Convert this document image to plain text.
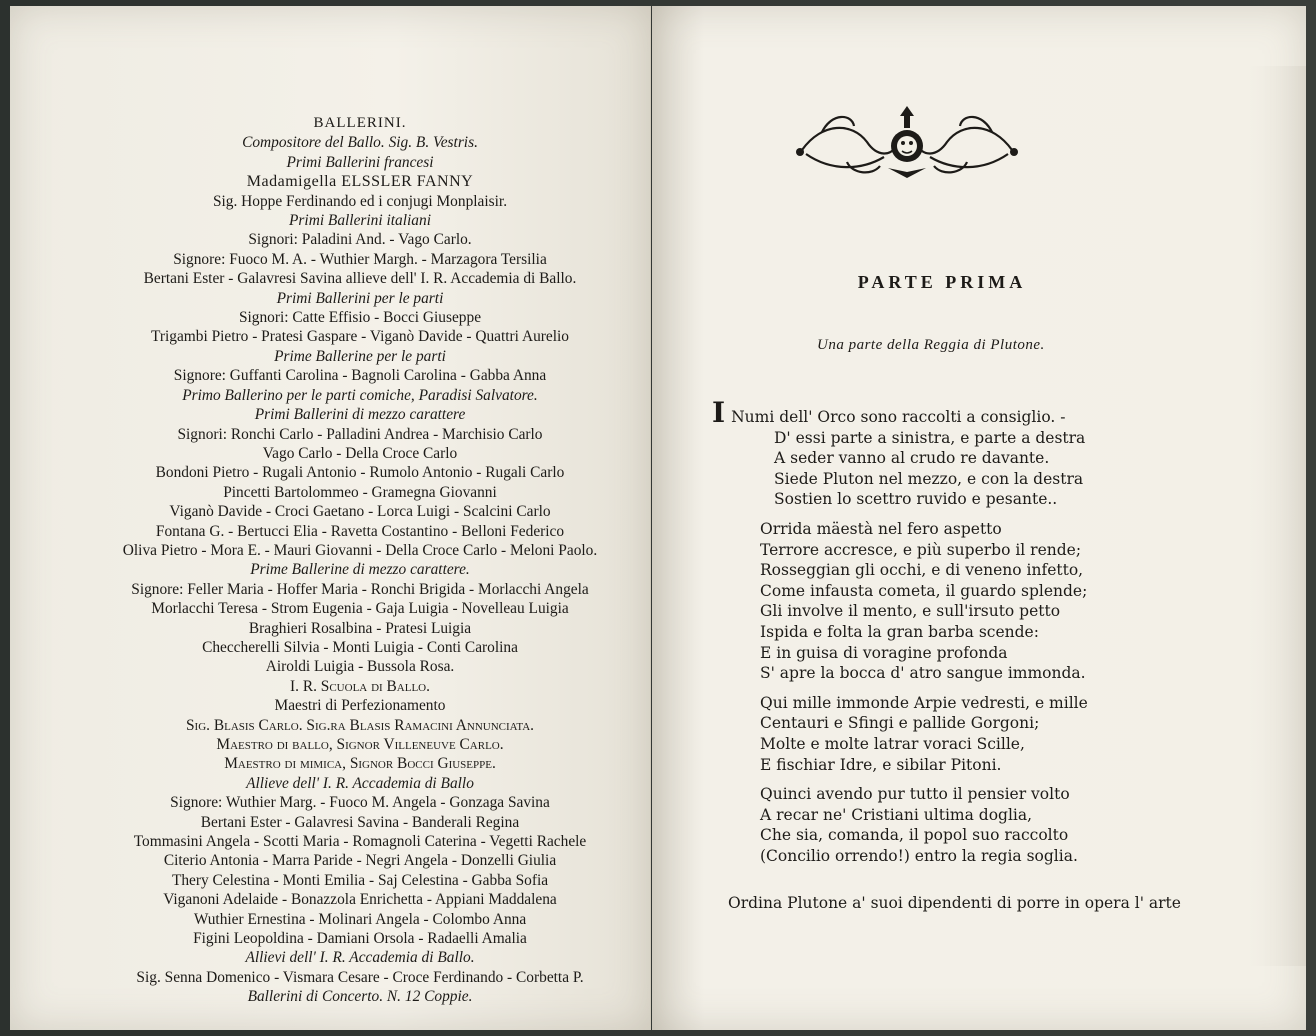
BALLERINI.
Compositore del Ballo. Sig. B. Vestris.
Primi Ballerini francesi
Madamigella ELSSLER FANNY
Sig. Hoppe Ferdinando ed i conjugi Monplaisir.
Primi Ballerini italiani
Signori: Paladini And. - Vago Carlo.
Signore: Fuoco M. A. - Wuthier Margh. - Marzagora Tersilia
Bertani Ester - Galavresi Savina allieve dell' I. R. Accademia di Ballo.
Primi Ballerini per le parti
Signori: Catte Effisio - Bocci Giuseppe
Trigambi Pietro - Pratesi Gaspare - Viganò Davide - Quattri Aurelio
Prime Ballerine per le parti
Signore: Guffanti Carolina - Bagnoli Carolina - Gabba Anna
Primo Ballerino per le parti comiche, Paradisi Salvatore.
Primi Ballerini di mezzo carattere
Signori: Ronchi Carlo - Palladini Andrea - Marchisio Carlo
Vago Carlo - Della Croce Carlo
Bondoni Pietro - Rugali Antonio - Rumolo Antonio - Rugali Carlo
Pincetti Bartolommeo - Gramegna Giovanni
Viganò Davide - Croci Gaetano - Lorca Luigi - Scalcini Carlo
Fontana G. - Bertucci Elia - Ravetta Costantino - Belloni Federico
Oliva Pietro - Mora E. - Mauri Giovanni - Della Croce Carlo - Meloni Paolo.
Prime Ballerine di mezzo carattere.
Signore: Feller Maria - Hoffer Maria - Ronchi Brigida - Morlacchi Angela
Morlacchi Teresa - Strom Eugenia - Gaja Luigia - Novelleau Luigia
Braghieri Rosalbina - Pratesi Luigia
Checcherelli Silvia - Monti Luigia - Conti Carolina
Airoldi Luigia - Bussola Rosa.
I. R. Scuola di Ballo.
Maestri di Perfezionamento
Sig. Blasis Carlo. Sig.ra Blasis Ramacini Annunciata.
Maestro di ballo, Signor Villeneuve Carlo.
Maestro di mimica, Signor Bocci Giuseppe.
Allieve dell' I. R. Accademia di Ballo
Signore: Wuthier Marg. - Fuoco M. Angela - Gonzaga Savina
Bertani Ester - Galavresi Savina - Banderali Regina
Tommasini Angela - Scotti Maria - Romagnoli Caterina - Vegetti Rachele
Citerio Antonia - Marra Paride - Negri Angela - Donzelli Giulia
Thery Celestina - Monti Emilia - Saj Celestina - Gabba Sofia
Viganoni Adelaide - Bonazzola Enrichetta - Appiani Maddalena
Wuthier Ernestina - Molinari Angela - Colombo Anna
Figini Leopoldina - Damiani Orsola - Radaelli Amalia
Allievi dell' I. R. Accademia di Ballo.
Sig. Senna Domenico - Vismara Cesare - Croce Ferdinando - Corbetta P.
Ballerini di Concerto. N. 12 Coppie.
PARTE PRIMA
Una parte della Reggia di Plutone.
I Numi dell' Orco sono raccolti a consiglio. -
D' essi parte a sinistra, e parte a destra
A seder vanno al crudo re davante.
Siede Pluton nel mezzo, e con la destra
Sostien lo scettro ruvido e pesante..
Orrida mäestà nel fero aspetto
Terrore accresce, e più superbo il rende;
Rosseggian gli occhi, e di veneno infetto,
Come infausta cometa, il guardo splende;
Gli involve il mento, e sull'irsuto petto
Ispida e folta la gran barba scende:
E in guisa di voragine profonda
S' apre la bocca d' atro sangue immonda.
Qui mille immonde Arpie vedresti, e mille
Centauri e Sfingi e pallide Gorgoni;
Molte e molte latrar voraci Scille,
E fischiar Idre, e sibilar Pitoni.
Quinci avendo pur tutto il pensier volto
A recar ne' Cristiani ultima doglia,
Che sia, comanda, il popol suo raccolto
(Concilio orrendo!) entro la regia soglia.
Ordina Plutone a' suoi dipendenti di porre in opera l' arte
